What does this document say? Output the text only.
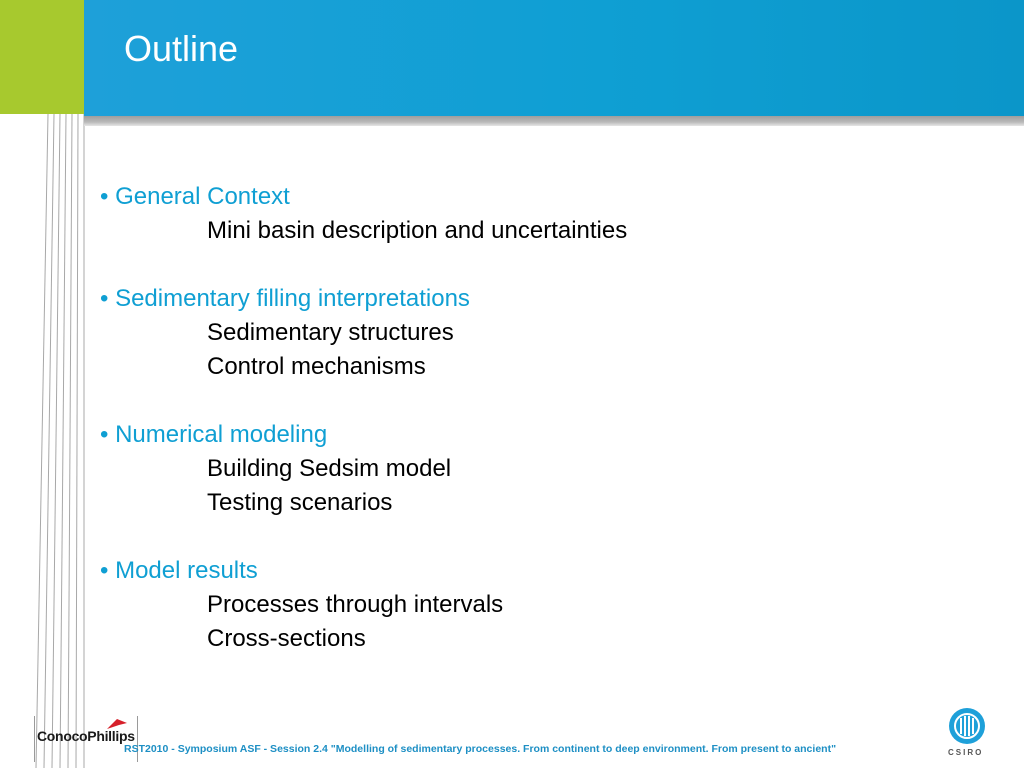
Outline
• General Context
Mini basin description and uncertainties
• Sedimentary filling interpretations
Sedimentary structures
Control mechanisms
• Numerical modeling
Building Sedsim model
Testing scenarios
• Model results
Processes through intervals
Cross-sections
ConocoPhillips
RST2010 - Symposium ASF - Session 2.4 "Modelling of sedimentary processes. From continent to deep environment. From present to ancient"	CSIRO
